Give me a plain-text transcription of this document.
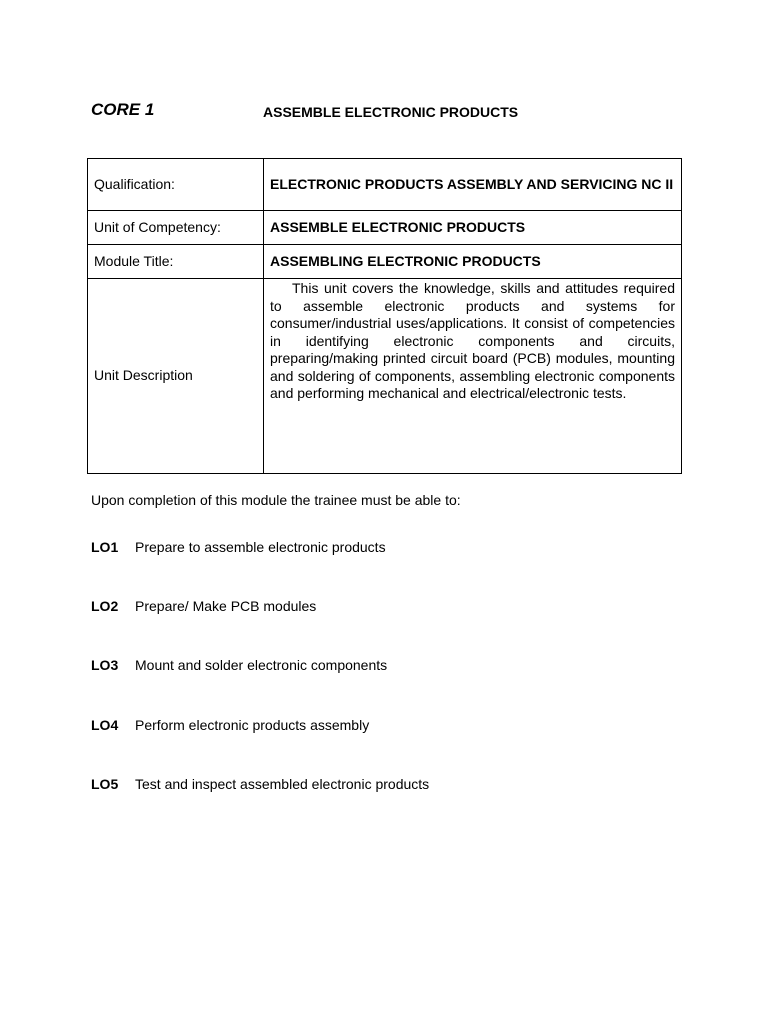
CORE 1	ASSEMBLE ELECTRONIC PRODUCTS
Qualification:	ELECTRONIC PRODUCTS ASSEMBLY AND SERVICING NC II
Unit of Competency:	ASSEMBLE ELECTRONIC PRODUCTS
Module Title:	ASSEMBLING ELECTRONIC PRODUCTS
Unit Description	This unit covers the knowledge, skills and attitudes required to assemble electronic products and systems for consumer/industrial uses/applications. It consist of competencies in identifying electronic components and circuits, preparing/making printed circuit board (PCB) modules, mounting and soldering of components, assembling electronic components and performing mechanical and electrical/electronic tests.
Upon completion of this module the trainee must be able to:
LO1 Prepare to assemble electronic products
LO2 Prepare/ Make PCB modules
LO3 Mount and solder electronic components
LO4 Perform electronic products assembly
LO5 Test and inspect assembled electronic products
